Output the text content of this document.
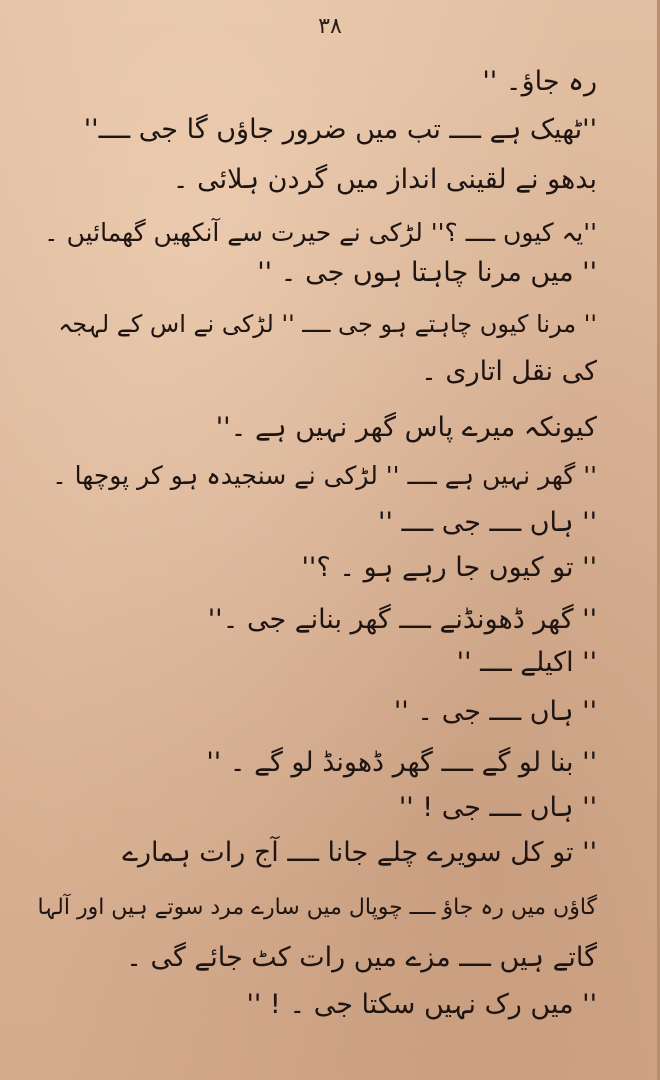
۳۸
رہ جاؤ۔ ''
''ٹھیک ہے ــــ تب میں ضرور جاؤں گا جی ــــ''
بدھو نے لقینی انداز میں گردن ہلائی ۔
''یہ کیوں ــــ ؟'' لڑکی نے حیرت سے آنکھیں گھمائیں ۔
'' میں مرنا چاہتا ہوں جی ۔ ''
'' مرنا کیوں چاہتے ہو جی ــــ '' لڑکی نے اس کے لہجہ
کی نقل اتاری ۔
کیونکہ میرے پاس گھر نہیں ہے ۔''
'' گھر نہیں ہے ــــ '' لڑکی نے سنجیدہ ہو کر پوچھا ۔
'' ہاں ــــ جی ــــ ''
'' تو کیوں جا رہے ہو ۔ ؟''
'' گھر ڈھونڈنے ــــ گھر بنانے جی ۔''
'' اکیلے ــــ ''
'' ہاں ــــ جی ۔ ''
'' بنا لو گے ــــ گھر ڈھونڈ لو گے ۔ ''
'' ہاں ــــ جی ! ''
'' تو کل سویرے چلے جانا ــــ آج رات ہمارے
گاؤں میں رہ جاؤ ــــ چوپال میں سارے مرد سوتے ہیں اور آلہا
گاتے ہیں ــــ مزے میں رات کٹ جائے گی ۔
'' میں رک نہیں سکتا جی ۔ ! ''
